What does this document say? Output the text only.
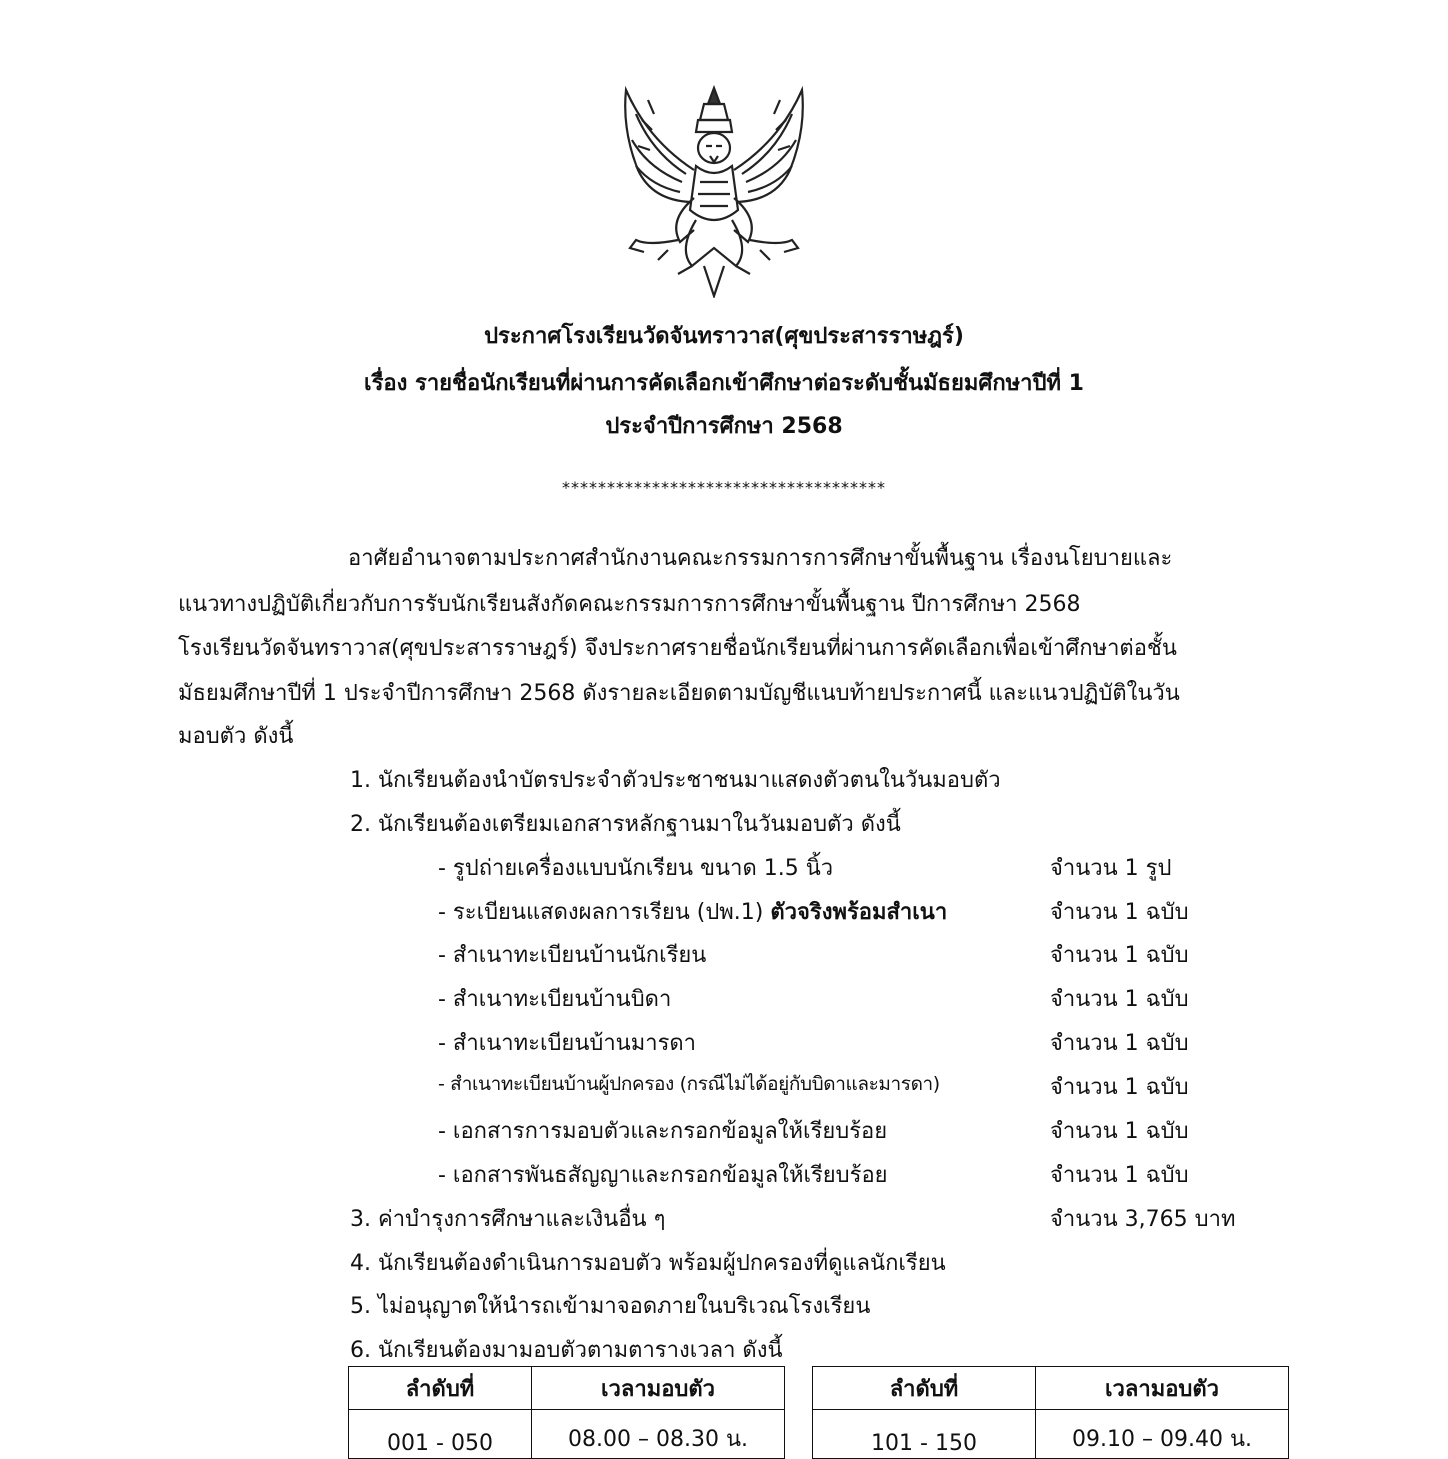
ประกาศโรงเรียนวัดจันทราวาส(ศุขประสารราษฎร์)
เรื่อง รายชื่อนักเรียนที่ผ่านการคัดเลือกเข้าศึกษาต่อระดับชั้นมัธยมศึกษาปีที่ 1
ประจำปีการศึกษา 2568
************************************
อาศัยอำนาจตามประกาศสำนักงานคณะกรรมการการศึกษาขั้นพื้นฐาน เรื่องนโยบายและ
แนวทางปฏิบัติเกี่ยวกับการรับนักเรียนสังกัดคณะกรรมการการศึกษาขั้นพื้นฐาน ปีการศึกษา 2568
โรงเรียนวัดจันทราวาส(ศุขประสารราษฎร์) จึงประกาศรายชื่อนักเรียนที่ผ่านการคัดเลือกเพื่อเข้าศึกษาต่อชั้น
มัธยมศึกษาปีที่ 1 ประจำปีการศึกษา 2568 ดังรายละเอียดตามบัญชีแนบท้ายประกาศนี้ และแนวปฏิบัติในวัน
มอบตัว ดังนี้
1. นักเรียนต้องนำบัตรประจำตัวประชาชนมาแสดงตัวตนในวันมอบตัว
2. นักเรียนต้องเตรียมเอกสารหลักฐานมาในวันมอบตัว ดังนี้
- รูปถ่ายเครื่องแบบนักเรียน ขนาด 1.5 นิ้ว	จำนวน 1 รูป
- ระเบียนแสดงผลการเรียน (ปพ.1) ตัวจริงพร้อมสำเนา	จำนวน 1 ฉบับ
- สำเนาทะเบียนบ้านนักเรียน	จำนวน 1 ฉบับ
- สำเนาทะเบียนบ้านบิดา	จำนวน 1 ฉบับ
- สำเนาทะเบียนบ้านมารดา	จำนวน 1 ฉบับ
- สำเนาทะเบียนบ้านผู้ปกครอง (กรณีไม่ได้อยู่กับบิดาและมารดา)	จำนวน 1 ฉบับ
- เอกสารการมอบตัวและกรอกข้อมูลให้เรียบร้อย	จำนวน 1 ฉบับ
- เอกสารพันธสัญญาและกรอกข้อมูลให้เรียบร้อย	จำนวน 1 ฉบับ
3. ค่าบำรุงการศึกษาและเงินอื่น ๆ	จำนวน 3,765 บาท
4. นักเรียนต้องดำเนินการมอบตัว พร้อมผู้ปกครองที่ดูแลนักเรียน
5. ไม่อนุญาตให้นำรถเข้ามาจอดภายในบริเวณโรงเรียน
6. นักเรียนต้องมามอบตัวตามตารางเวลา ดังนี้
ลำดับที่	เวลามอบตัว
001 - 050	08.00 – 08.30 น.
ลำดับที่	เวลามอบตัว
101 - 150	09.10 – 09.40 น.
